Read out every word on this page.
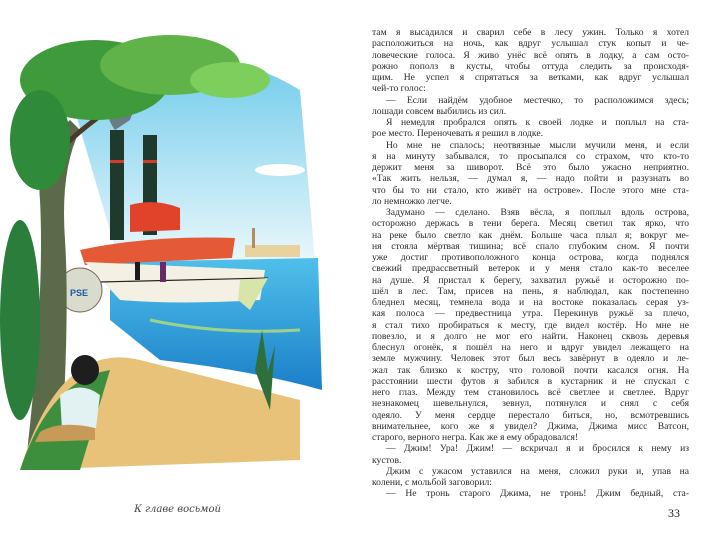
PSE
К главе восьмой
там я высадился и сварил себе в лесу ужин. Только я хотел
расположиться на ночь, как вдруг услышал стук копыт и че-
ловеческие голоса. Я живо унёс всё опять в лодку, а сам осто-
рожно пополз в кусты, чтобы оттуда следить за происходя-
щим. Не успел я спрятаться за ветками, как вдруг услышал
чей-то голос:
— Если найдём удобное местечко, то расположимся здесь;
лошади совсем выбились из сил.
Я немедля пробрался опять к своей лодке и поплыл на ста-
рое место. Переночевать я решил в лодке.
Но мне не спалось; неотвязные мысли мучили меня, и если
я на минуту забывался, то просыпался со страхом, что кто-то
держит меня за шиворот. Всё это было ужасно неприятно.
«Так жить нельзя, — думал я, — надо пойти и разузнать во
что бы то ни стало, кто живёт на острове». После этого мне ста-
ло немножко легче.
Задумано — сделано. Взяв вёсла, я поплыл вдоль острова,
осторожно держась в тени берега. Месяц светил так ярко, что
на реке было светло как днём. Больше часа плыл я; вокруг ме-
ня стояла мёртвая тишина; всё спало глубоким сном. Я почти
уже достиг противоположного конца острова, когда поднялся
свежий предрассветный ветерок и у меня стало как-то веселее
на душе. Я пристал к берегу, захватил ружьё и осторожно по-
шёл в лес. Там, присев на пень, я наблюдал, как постепенно
бледнел месяц, темнела вода и на востоке показалась серая уз-
кая полоса — предвестница утра. Перекинув ружьё за плечо,
я стал тихо пробираться к месту, где видел костёр. Но мне не
повезло, и я долго не мог его найти. Наконец сквозь деревья
блеснул огонёк, я пошёл на него и вдруг увидел лежащего на
земле мужчину. Человек этот был весь завёрнут в одеяло и ле-
жал так близко к костру, что головой почти касался огня. На
расстоянии шести футов я забился в кустарник и не спускал с
него глаз. Между тем становилось всё светлее и светлее. Вдруг
незнакомец шевельнулся, зевнул, потянулся и снял с себя
одеяло. У меня сердце перестало биться, но, всмотревшись
внимательнее, кого же я увидел? Джима, Джима мисс Ватсон,
старого, верного негра. Как же я ему обрадовался!
— Джим! Ура! Джим! — вскричал я и бросился к нему из
кустов.
Джим с ужасом уставился на меня, сложил руки и, упав на
колени, с мольбой заговорил:
— Не тронь старого Джима, не тронь! Джим бедный, ста-
33
